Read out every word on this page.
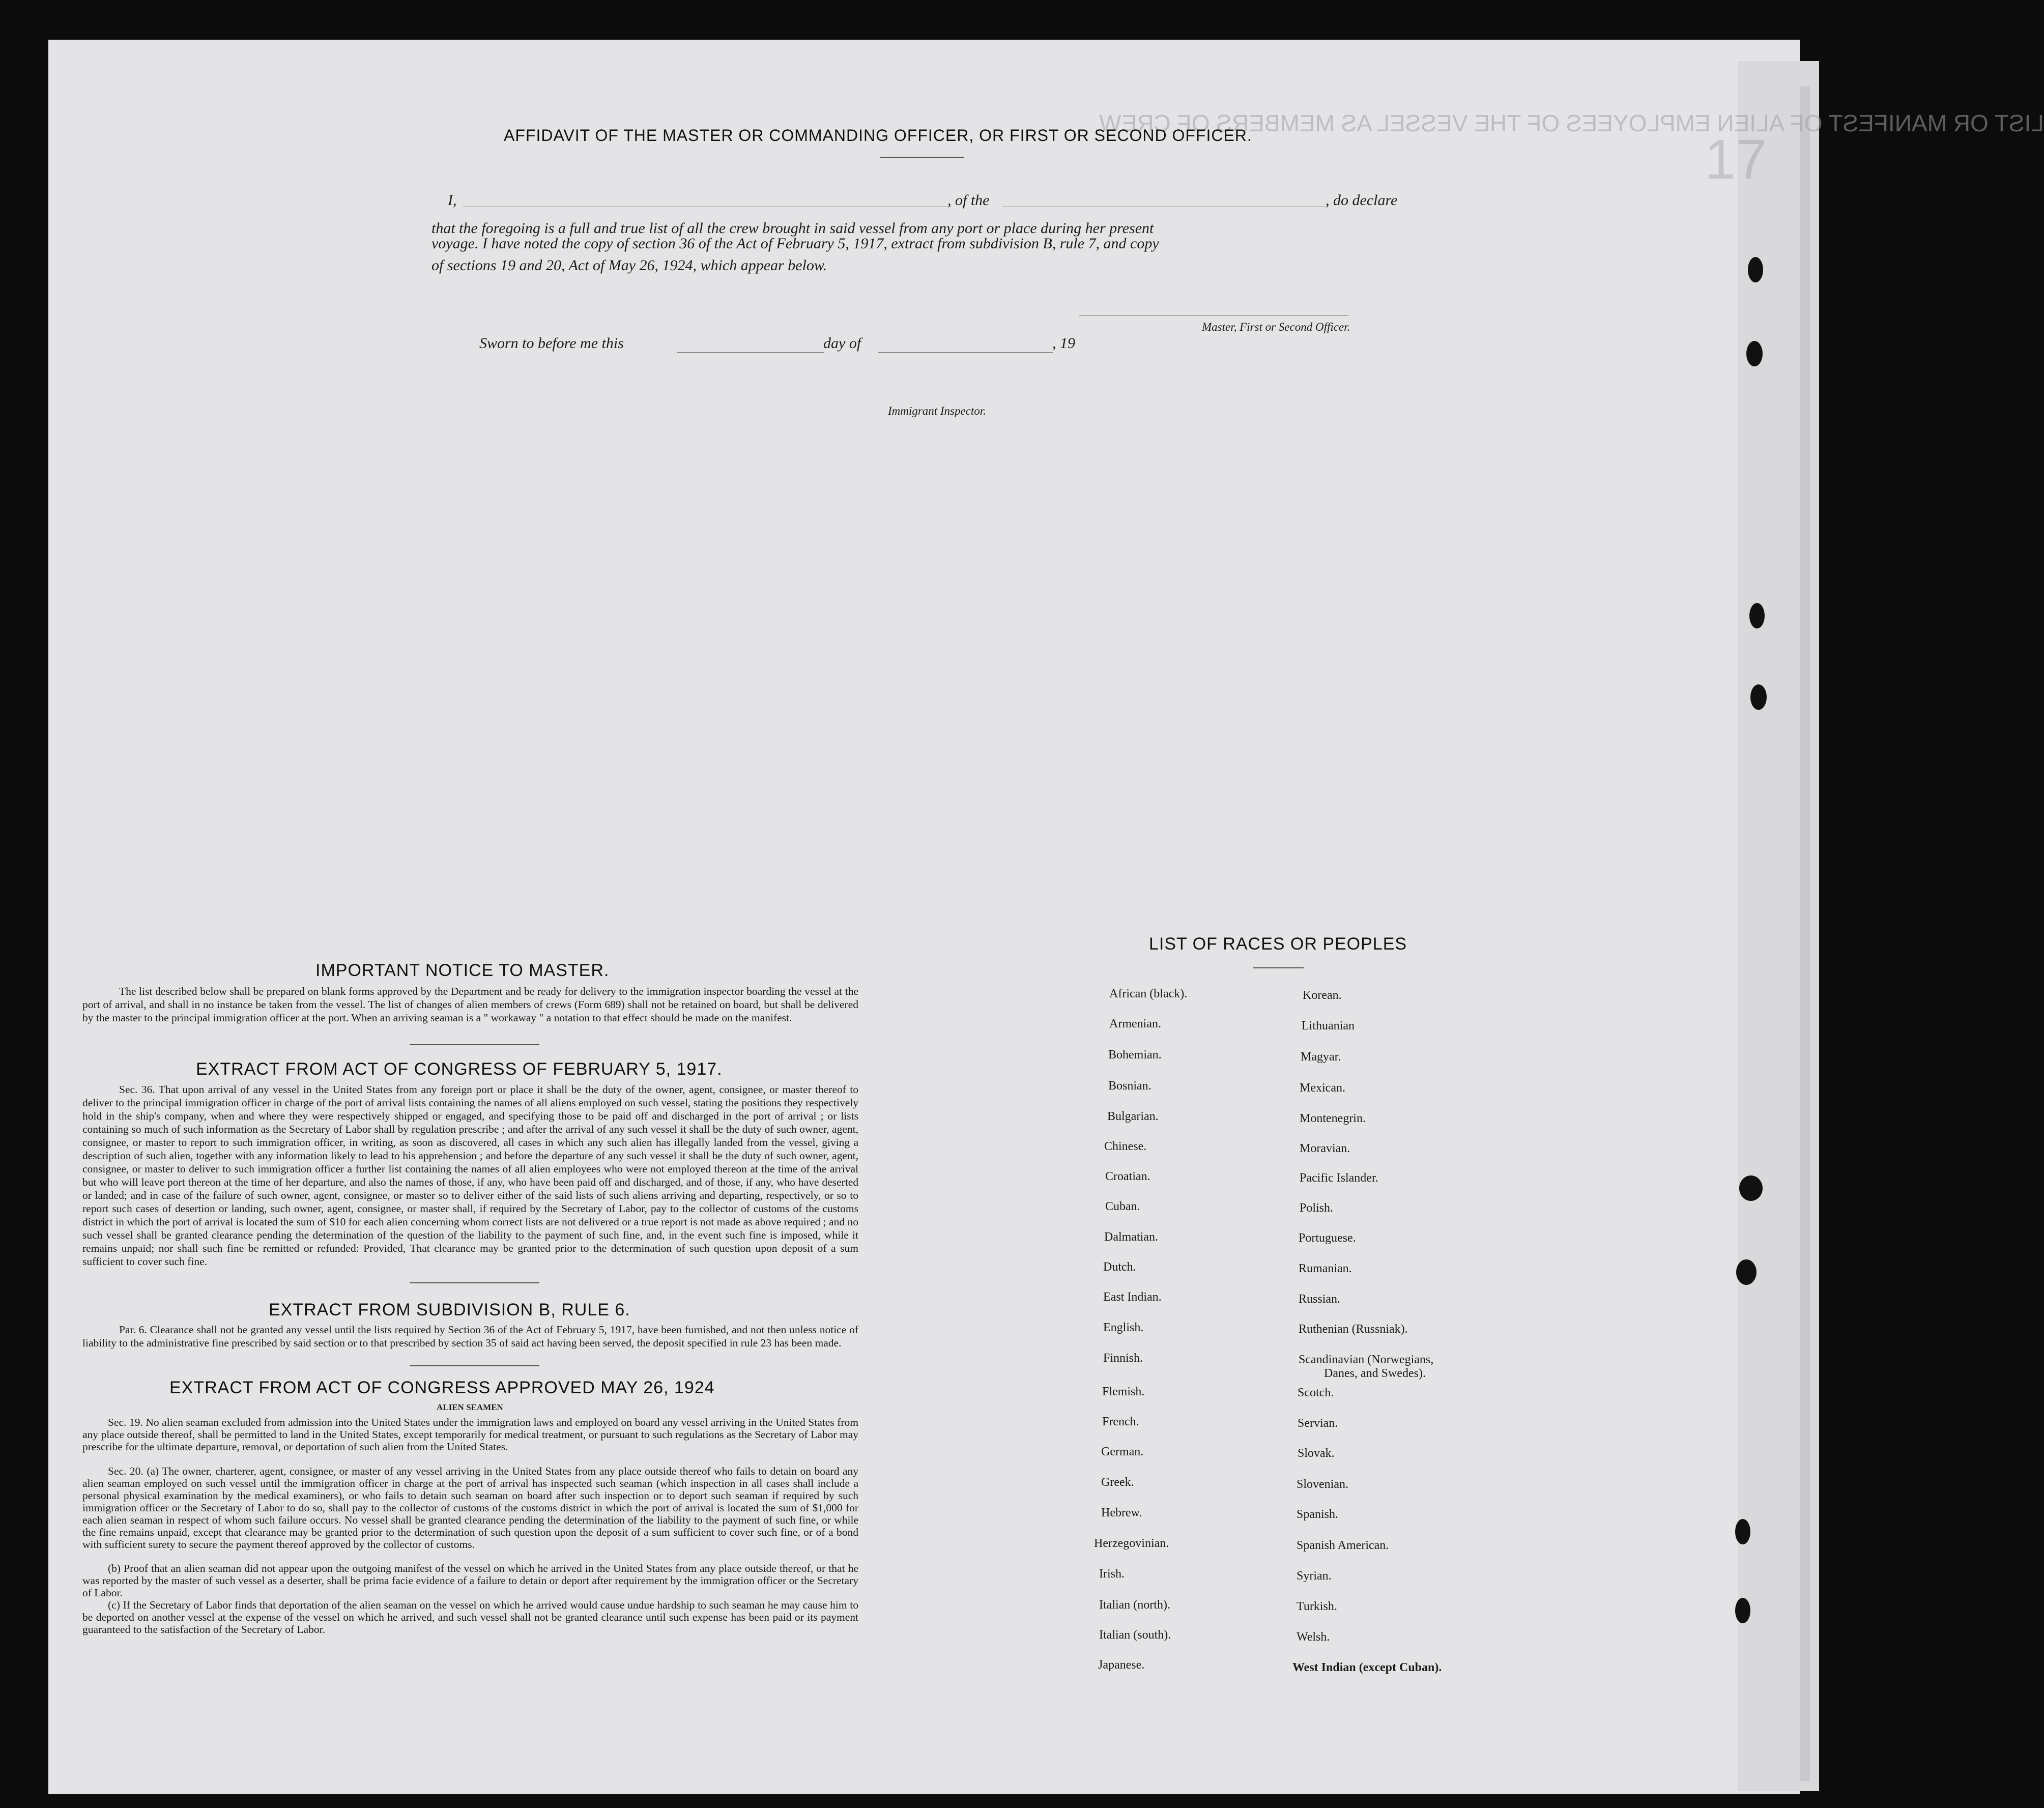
LIST OR MANIFEST OF ALIEN EMPLOYEES OF THE VESSEL AS MEMBERS OF CREW.
17
AFFIDAVIT OF THE MASTER OR COMMANDING OFFICER, OR FIRST OR SECOND OFFICER.
I,	, of the	, do declare
that the foregoing is a full and true list of all the crew brought in said vessel from any port or place during her present
voyage. I have noted the copy of section 36 of the Act of February 5, 1917, extract from subdivision B, rule 7, and copy
of sections 19 and 20, Act of May 26, 1924, which appear below.
Master, First or Second Officer.
Sworn to before me this	day of	, 19
Immigrant Inspector.
IMPORTANT NOTICE TO MASTER.
The list described below shall be prepared on blank forms approved by the Department and be ready for delivery to the immigration inspector boarding the vessel at the port of arrival, and shall in no instance be taken from the vessel. The list of changes of alien members of crews (Form 689) shall not be retained on board, but shall be delivered by the master to the principal immigration officer at the port. When an arriving seaman is a " workaway " a notation to that effect should be made on the manifest.
EXTRACT FROM ACT OF CONGRESS OF FEBRUARY 5, 1917.
Sec. 36. That upon arrival of any vessel in the United States from any foreign port or place it shall be the duty of the owner, agent, consignee, or master thereof to deliver to the principal immigration officer in charge of the port of arrival lists containing the names of all aliens employed on such vessel, stating the positions they respectively hold in the ship's company, when and where they were respectively shipped or engaged, and specifying those to be paid off and discharged in the port of arrival ; or lists containing so much of such information as the Secretary of Labor shall by regulation prescribe ; and after the arrival of any such vessel it shall be the duty of such owner, agent, consignee, or master to report to such immigration officer, in writing, as soon as discovered, all cases in which any such alien has illegally landed from the vessel, giving a description of such alien, together with any information likely to lead to his apprehension ; and before the departure of any such vessel it shall be the duty of such owner, agent, consignee, or master to deliver to such immigration officer a further list containing the names of all alien employees who were not employed thereon at the time of the arrival but who will leave port thereon at the time of her departure, and also the names of those, if any, who have been paid off and discharged, and of those, if any, who have deserted or landed; and in case of the failure of such owner, agent, consignee, or master so to deliver either of the said lists of such aliens arriving and departing, respectively, or so to report such cases of desertion or landing, such owner, agent, consignee, or master shall, if required by the Secretary of Labor, pay to the collector of customs of the customs district in which the port of arrival is located the sum of $10 for each alien concerning whom correct lists are not delivered or a true report is not made as above required ; and no such vessel shall be granted clearance pending the determination of the question of the liability to the payment of such fine, and, in the event such fine is imposed, while it remains unpaid; nor shall such fine be remitted or refunded: Provided, That clearance may be granted prior to the determination of such question upon deposit of a sum sufficient to cover such fine.
EXTRACT FROM SUBDIVISION B, RULE 6.
Par. 6. Clearance shall not be granted any vessel until the lists required by Section 36 of the Act of February 5, 1917, have been furnished, and not then unless notice of liability to the administrative fine prescribed by said section or to that prescribed by section 35 of said act having been served, the deposit specified in rule 23 has been made.
EXTRACT FROM ACT OF CONGRESS APPROVED MAY 26, 1924
ALIEN SEAMEN
Sec. 19. No alien seaman excluded from admission into the United States under the immigration laws and employed on board any vessel arriving in the United States from any place outside thereof, shall be permitted to land in the United States, except temporarily for medical treatment, or pursuant to such regulations as the Secretary of Labor may prescribe for the ultimate departure, removal, or deportation of such alien from the United States.
Sec. 20. (a) The owner, charterer, agent, consignee, or master of any vessel arriving in the United States from any place outside thereof who fails to detain on board any alien seaman employed on such vessel until the immigration officer in charge at the port of arrival has inspected such seaman (which inspection in all cases shall include a personal physical examination by the medical examiners), or who fails to detain such seaman on board after such inspection or to deport such seaman if required by such immigration officer or the Secretary of Labor to do so, shall pay to the collector of customs of the customs district in which the port of arrival is located the sum of $1,000 for each alien seaman in respect of whom such failure occurs. No vessel shall be granted clearance pending the determination of the liability to the payment of such fine, or while the fine remains unpaid, except that clearance may be granted prior to the determination of such question upon the deposit of a sum sufficient to cover such fine, or of a bond with sufficient surety to secure the payment thereof approved by the collector of customs.
(b) Proof that an alien seaman did not appear upon the outgoing manifest of the vessel on which he arrived in the United States from any place outside thereof, or that he was reported by the master of such vessel as a deserter, shall be prima facie evidence of a failure to detain or deport after requirement by the immigration officer or the Secretary of Labor.
(c) If the Secretary of Labor finds that deportation of the alien seaman on the vessel on which he arrived would cause undue hardship to such seaman he may cause him to be deported on another vessel at the expense of the vessel on which he arrived, and such vessel shall not be granted clearance until such expense has been paid or its payment guaranteed to the satisfaction of the Secretary of Labor.
LIST OF RACES OR PEOPLES
African (black).
Armenian.
Bohemian.
Bosnian.
Bulgarian.
Chinese.
Croatian.
Cuban.
Dalmatian.
Dutch.
East Indian.
English.
Finnish.
Flemish.
French.
German.
Greek.
Hebrew.
Herzegovinian.
Irish.
Italian (north).
Italian (south).
Japanese.
Korean.
Lithuanian
Magyar.
Mexican.
Montenegrin.
Moravian.
Pacific Islander.
Polish.
Portuguese.
Rumanian.
Russian.
Ruthenian (Russniak).
Scandinavian (Norwegians,
Danes, and Swedes).
Scotch.
Servian.
Slovak.
Slovenian.
Spanish.
Spanish American.
Syrian.
Turkish.
Welsh.
West Indian (except Cuban).
